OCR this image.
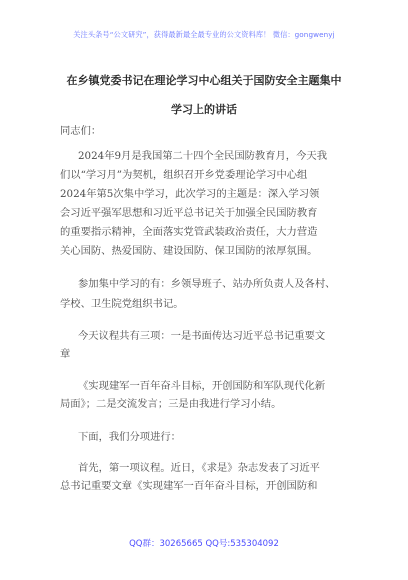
关注头条号“公文研究”，获得最新最全最专业的公文资料库！ 微信：gongwenyj
在乡镇党委书记在理论学习中心组关于国防安全主题集中
学习上的讲话
同志们：
2024年9月是我国第二十四个全民国防教育月，今天我
们以“学习月”为契机，组织召开乡党委理论学习中心组
2024年第5次集中学习，此次学习的主题是：深入学习领
会习近平强军思想和习近平总书记关于加强全民国防教育
的重要指示精神，全面落实党管武装政治责任，大力营造
关心国防、热爱国防、建设国防、保卫国防的浓厚氛围。
参加集中学习的有：乡领导班子、站办所负责人及各村、
学校、卫生院党组织书记。
今天议程共有三项：一是书面传达习近平总书记重要文
章
《实现建军一百年奋斗目标，开创国防和军队现代化新
局面》；二是交流发言；三是由我进行学习小结。
下面，我们分项进行：
首先，第一项议程。近日，《求是》杂志发表了习近平
总书记重要文章《实现建军一百年奋斗目标，开创国防和
QQ群：30265665 QQ号:535304092
